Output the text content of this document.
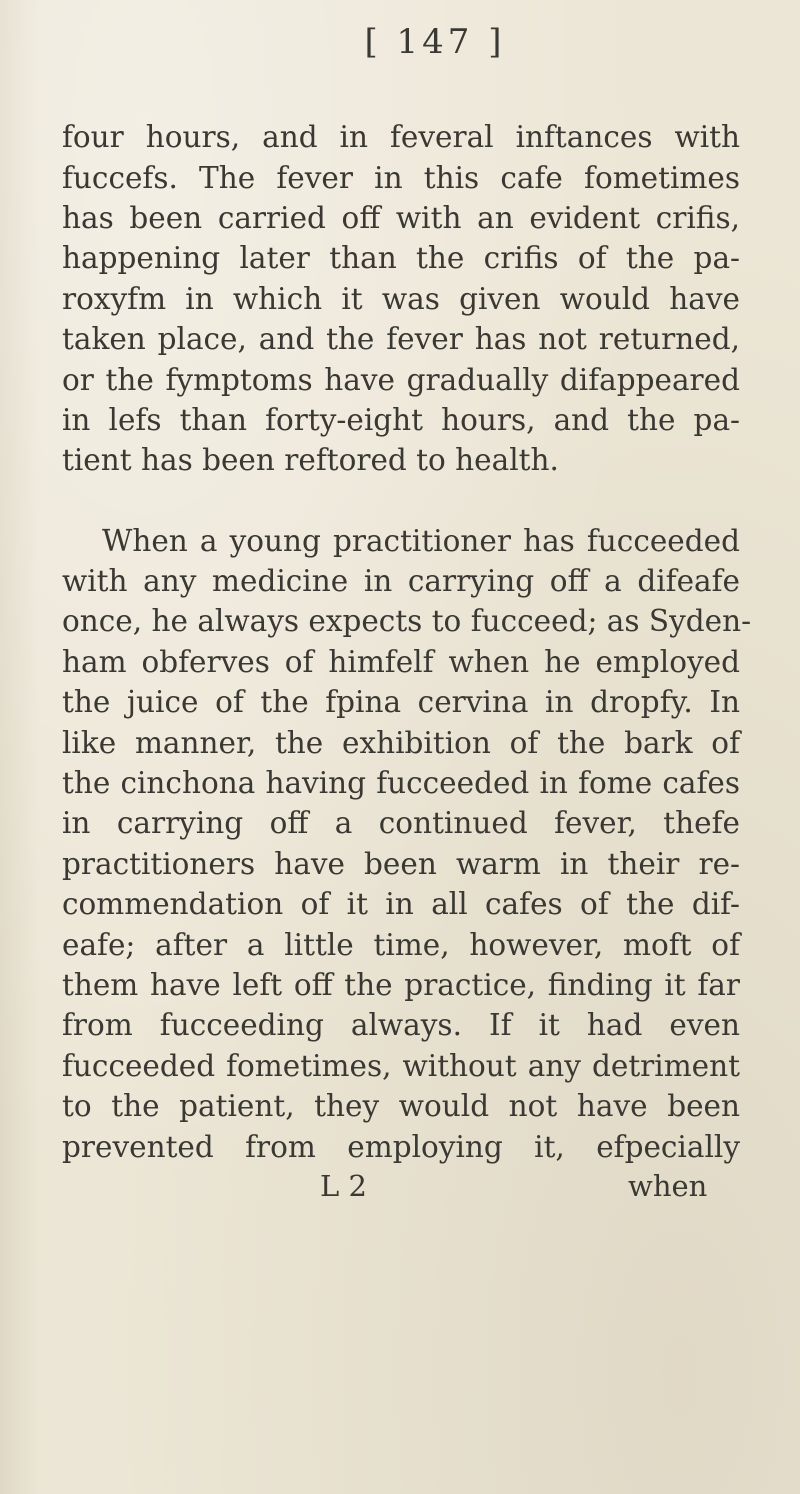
[ 147 ]
four hours, and in feveral inftances with
fuccefs. The fever in this cafe fometimes
has been carried off with an evident crifis,
happening later than the crifis of the pa-
roxyfm in which it was given would have
taken place, and the fever has not returned,
or the fymptoms have gradually difappeared
in lefs than forty-eight hours, and the pa-
tient has been reftored to health.
When a young practitioner has fucceeded
with any medicine in carrying off a difeafe
once, he always expects to fucceed; as Syden-
ham obferves of himfelf when he employed
the juice of the fpina cervina in dropfy. In
like manner, the exhibition of the bark of
the cinchona having fucceeded in fome cafes
in carrying off a continued fever, thefe
practitioners have been warm in their re-
commendation of it in all cafes of the dif-
eafe; after a little time, however, moft of
them have left off the practice, finding it far
from fucceeding always. If it had even
fucceeded fometimes, without any detriment
to the patient, they would not have been
prevented from employing it, efpecially
L 2	when
